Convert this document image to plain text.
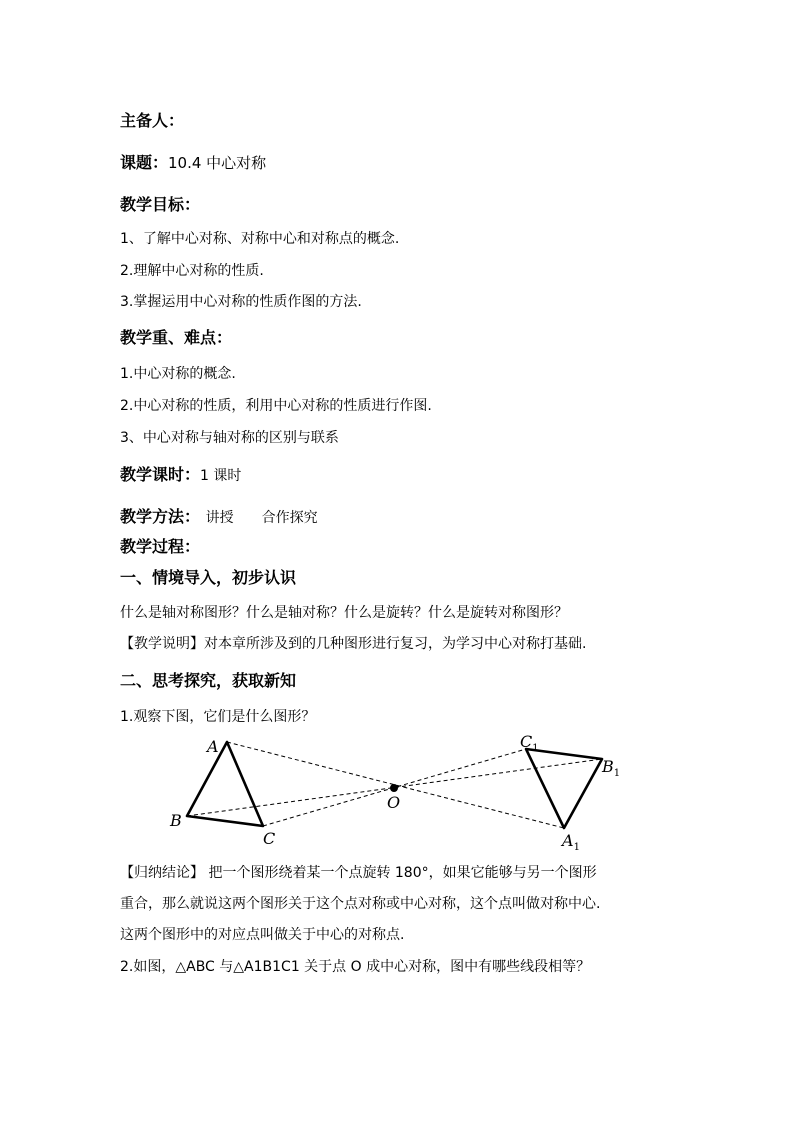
主备人：
课题：10.4 中心对称
教学目标：
1、了解中心对称、对称中心和对称点的概念.
2.理解中心对称的性质.
3.掌握运用中心对称的性质作图的方法.
教学重、难点：
1.中心对称的概念.
2.中心对称的性质，利用中心对称的性质进行作图.
3、中心对称与轴对称的区别与联系
教学课时：1 课时
教学方法： 讲授 合作探究
教学过程：
一、情境导入，初步认识
什么是轴对称图形？什么是轴对称？什么是旋转？什么是旋转对称图形？
【教学说明】对本章所涉及到的几种图形进行复习，为学习中心对称打基础.
二、思考探究，获取新知
1.观察下图，它们是什么图形？
A
B
C
O
$C_1$
$B_1$
$A_1$
【归纳结论】 把一个图形绕着某一个点旋转 180°，如果它能够与另一个图形
重合，那么就说这两个图形关于这个点对称或中心对称，这个点叫做对称中心.
这两个图形中的对应点叫做关于中心的对称点.
2.如图，△ABC 与△A1B1C1 关于点 O 成中心对称，图中有哪些线段相等？
